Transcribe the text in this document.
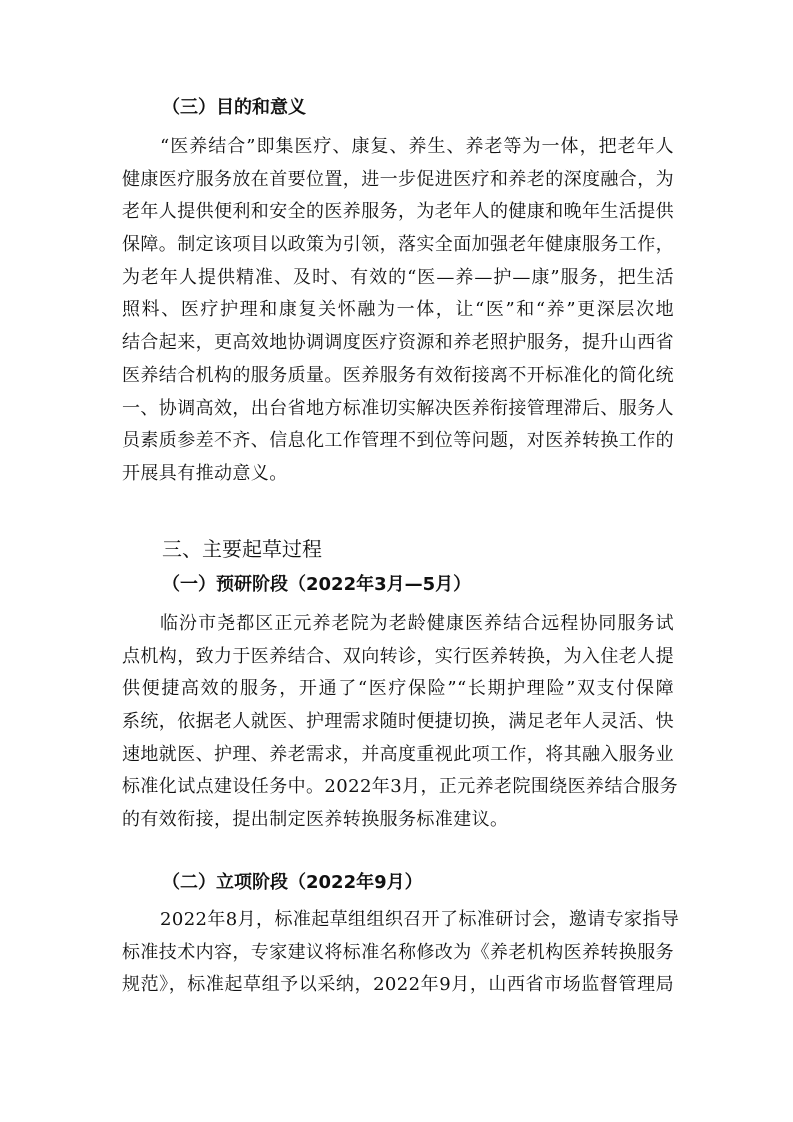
（三）目的和意义
“医养结合”即集医疗、康复、养生、养老等为一体，把老年人
健康医疗服务放在首要位置，进一步促进医疗和养老的深度融合，为
老年人提供便利和安全的医养服务，为老年人的健康和晚年生活提供
保障。制定该项目以政策为引领，落实全面加强老年健康服务工作，
为老年人提供精准、及时、有效的“医—养—护—康”服务，把生活
照料、医疗护理和康复关怀融为一体，让“医”和“养”更深层次地
结合起来，更高效地协调调度医疗资源和养老照护服务，提升山西省
医养结合机构的服务质量。医养服务有效衔接离不开标准化的简化统
一、协调高效，出台省地方标准切实解决医养衔接管理滞后、服务人
员素质参差不齐、信息化工作管理不到位等问题，对医养转换工作的
开展具有推动意义。
三、主要起草过程
（一）预研阶段（2022年3月—5月）
临汾市尧都区正元养老院为老龄健康医养结合远程协同服务试
点机构，致力于医养结合、双向转诊，实行医养转换，为入住老人提
供便捷高效的服务，开通了“医疗保险”“长期护理险”双支付保障
系统，依据老人就医、护理需求随时便捷切换，满足老年人灵活、快
速地就医、护理、养老需求，并高度重视此项工作，将其融入服务业
标准化试点建设任务中。2022年3月，正元养老院围绕医养结合服务
的有效衔接，提出制定医养转换服务标准建议。
（二）立项阶段（2022年9月）
2022年8月，标准起草组组织召开了标准研讨会，邀请专家指导
标准技术内容，专家建议将标准名称修改为《养老机构医养转换服务
规范》，标准起草组予以采纳，2022年9月，山西省市场监督管理局
